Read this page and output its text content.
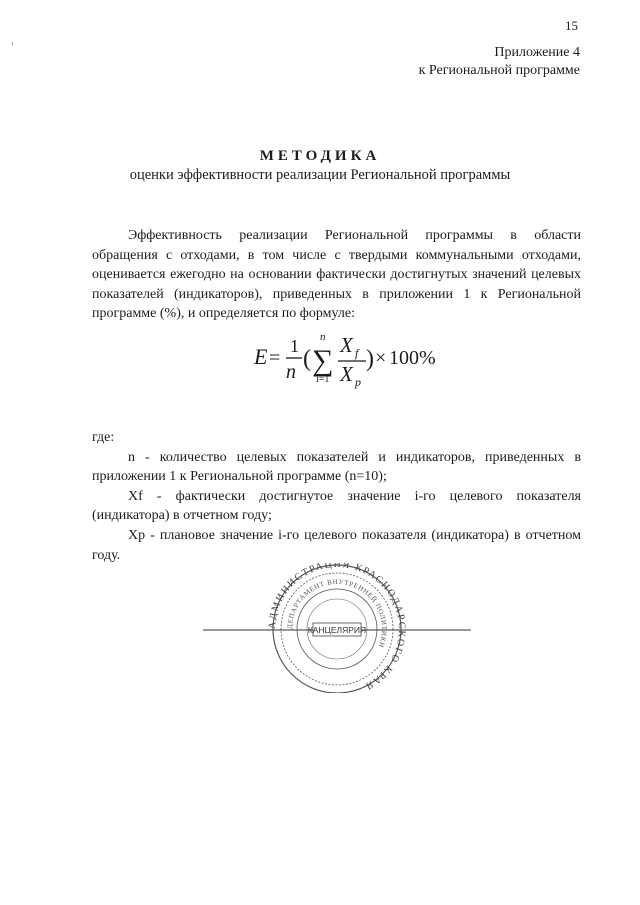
15
Приложение 4
к Региональной программе
МЕТОДИКА
оценки эффективности реализации Региональной программы

Эффективность реализации Региональной программы в области обращения с отходами, в том числе с твердыми коммунальными отходами, оценивается ежегодно на основании фактически достигнутых значений целевых показателей (индикаторов), приведенных в приложении 1 к Региональной программе (%), и определяется по формуле:

E =
1
n (
n
∑
i=1
X f
X p
) × 100%

где:

n - количество целевых показателей и индикаторов, приведенных в приложении 1 к Региональной программе (n=10);

Xf - фактически достигнутое значение i-го целевого показателя (индикатора) в отчетном году;

Xp - плановое значение i-го целевого показателя (индикатора) в отчетном году.

АДМИНИСТРАЦИЯ КРАСНОДАРСКОГО КРАЯ
ДЕПАРТАМЕНТ ВНУТРЕННЕЙ ПОЛИТИКИ
КАНЦЕЛЯРИЯ
